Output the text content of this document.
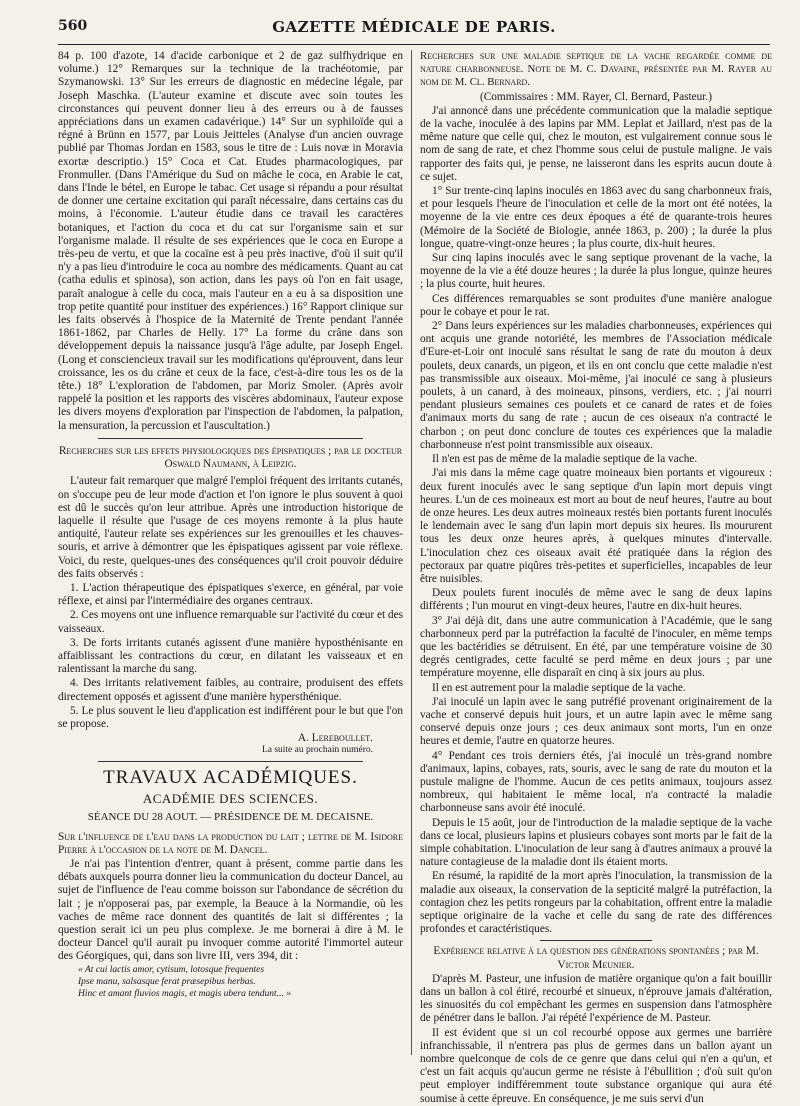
560	GAZETTE MÉDICALE DE PARIS.

84 p. 100 d'azote, 14 d'acide carbonique et 2 de gaz sulfhydrique en volume.) 12° Remarques sur la technique de la trachéotomie, par Szymanowski. 13° Sur les erreurs de diagnostic en médecine légale, par Joseph Maschka. (L'auteur examine et discute avec soin toutes les circonstances qui peuvent donner lieu à des erreurs ou à de fausses appréciations dans un examen cadavérique.) 14° Sur un syphiloïde qui a régné à Brünn en 1577, par Louis Jeitteles (Analyse d'un ancien ouvrage publié par Thomas Jordan en 1583, sous le titre de : Luis novæ in Moravia exortæ descriptio.) 15° Coca et Cat. Etudes pharmacologiques, par Fronmuller. (Dans l'Amérique du Sud on mâche le coca, en Arabie le cat, dans l'Inde le bétel, en Europe le tabac. Cet usage si répandu a pour résultat de donner une certaine excitation qui paraît nécessaire, dans certains cas du moins, à l'économie. L'auteur étudie dans ce travail les caractères botaniques, et l'action du coca et du cat sur l'organisme sain et sur l'organisme malade. Il résulte de ses expériences que le coca en Europe a très-peu de vertu, et que la cocaïne est à peu près inactive, d'où il suit qu'il n'y a pas lieu d'introduire le coca au nombre des médicaments. Quant au cat (catha edulis et spinosa), son action, dans les pays où l'on en fait usage, paraît analogue à celle du coca, mais l'auteur en a eu à sa disposition une trop petite quantité pour instituer des expériences.) 16° Rapport clinique sur les faits observés à l'hospice de la Maternité de Trente pendant l'année 1861-1862, par Charles de Helly. 17° La forme du crâne dans son développement depuis la naissance jusqu'à l'âge adulte, par Joseph Engel. (Long et consciencieux travail sur les modifications qu'éprouvent, dans leur croissance, les os du crâne et ceux de la face, c'est-à-dire tous les os de la tête.) 18° L'exploration de l'abdomen, par Moriz Smoler. (Après avoir rappelé la position et les rapports des viscères abdominaux, l'auteur expose les divers moyens d'exploration par l'inspection de l'abdomen, la palpation, la mensuration, la percussion et l'auscultation.)

Recherches sur les effets physiologiques des épispatiques ; par le docteur Oswald Naumann, à Leipzig.

L'auteur fait remarquer que malgré l'emploi fréquent des irritants cutanés, on s'occupe peu de leur mode d'action et l'on ignore le plus souvent à quoi est dû le succès qu'on leur attribue. Après une introduction historique de laquelle il résulte que l'usage de ces moyens remonte à la plus haute antiquité, l'auteur relate ses expériences sur les grenouilles et les chauves-souris, et arrive à démontrer que les épispatiques agissent par voie réflexe. Voici, du reste, quelques-unes des conséquences qu'il croit pouvoir déduire des faits observés :

1. L'action thérapeutique des épispatiques s'exerce, en général, par voie réflexe, et ainsi par l'intermédiaire des organes centraux.

2. Ces moyens ont une influence remarquable sur l'activité du cœur et des vaisseaux.

3. De forts irritants cutanés agissent d'une manière hyposthénisante en affaiblissant les contractions du cœur, en dilatant les vaisseaux et en ralentissant la marche du sang.

4. Des irritants relativement faibles, au contraire, produisent des effets directement opposés et agissent d'une manière hypersthénique.

5. Le plus souvent le lieu d'application est indifférent pour le but que l'on se propose.

A. Lereboullet.
La suite au prochain numéro.
TRAVAUX ACADÉMIQUES.
ACADÉMIE DES SCIENCES.
SÉANCE DU 28 AOUT. — PRÉSIDENCE DE M. DECAISNE.

Sur l'influence de l'eau dans la production du lait ; lettre de M. Isidore Pierre à l'occasion de la note de M. Dancel.

Je n'ai pas l'intention d'entrer, quant à présent, comme partie dans les débats auxquels pourra donner lieu la communication du docteur Dancel, au sujet de l'influence de l'eau comme boisson sur l'abondance de sécrétion du lait ; je n'opposerai pas, par exemple, la Beauce à la Normandie, où les vaches de même race donnent des quantités de lait si différentes ; la question serait ici un peu plus complexe. Je me bornerai à dire à M. le docteur Dancel qu'il aurait pu invoquer comme autorité l'immortel auteur des Géorgiques, qui, dans son livre III, vers 394, dit :

« At cui lactis amor, cytisum, lotosque frequentes

Ipse manu, salsasque ferat præsepibus herbas.

Hinc et amant fluvios magis, et magis ubera tendunt... »

Recherches sur une maladie septique de la vache regardée comme de nature charbonneuse. Note de M. C. Davaine, présentée par M. Rayer au nom de M. Cl. Bernard.

(Commissaires : MM. Rayer, Cl. Bernard, Pasteur.)

J'ai annoncé dans une précédente communication que la maladie septique de la vache, inoculée à des lapins par MM. Leplat et Jaillard, n'est pas de la même nature que celle qui, chez le mouton, est vulgairement connue sous le nom de sang de rate, et chez l'homme sous celui de pustule maligne. Je vais rapporter des faits qui, je pense, ne laisseront dans les esprits aucun doute à ce sujet.

1° Sur trente-cinq lapins inoculés en 1863 avec du sang charbonneux frais, et pour lesquels l'heure de l'inoculation et celle de la mort ont été notées, la moyenne de la vie entre ces deux époques a été de quarante-trois heures (Mémoire de la Société de Biologie, année 1863, p. 200) ; la durée la plus longue, quatre-vingt-onze heures ; la plus courte, dix-huit heures.

Sur cinq lapins inoculés avec le sang septique provenant de la vache, la moyenne de la vie a été douze heures ; la durée la plus longue, quinze heures ; la plus courte, huit heures.

Ces différences remarquables se sont produites d'une manière analogue pour le cobaye et pour le rat.

2° Dans leurs expériences sur les maladies charbonneuses, expériences qui ont acquis une grande notoriété, les membres de l'Association médicale d'Eure-et-Loir ont inoculé sans résultat le sang de rate du mouton à deux poulets, deux canards, un pigeon, et ils en ont conclu que cette maladie n'est pas transmissible aux oiseaux. Moi-même, j'ai inoculé ce sang à plusieurs poulets, à un canard, à des moineaux, pinsons, verdiers, etc. ; j'ai nourri pendant plusieurs semaines ces poulets et ce canard de rates et de foies d'animaux morts du sang de rate ; aucun de ces oiseaux n'a contracté le charbon ; on peut donc conclure de toutes ces expériences que la maladie charbonneuse n'est point transmissible aux oiseaux.

Il n'en est pas de même de la maladie septique de la vache.

J'ai mis dans la même cage quatre moineaux bien portants et vigoureux : deux furent inoculés avec le sang septique d'un lapin mort depuis vingt heures. L'un de ces moineaux est mort au bout de neuf heures, l'autre au bout de onze heures. Les deux autres moineaux restés bien portants furent inoculés le lendemain avec le sang d'un lapin mort depuis six heures. Ils moururent tous les deux onze heures après, à quelques minutes d'intervalle. L'inoculation chez ces oiseaux avait été pratiquée dans la région des pectoraux par quatre piqûres très-petites et superficielles, incapables de leur être nuisibles.

Deux poulets furent inoculés de même avec le sang de deux lapins différents ; l'un mourut en vingt-deux heures, l'autre en dix-huit heures.

3° J'ai déjà dit, dans une autre communication à l'Académie, que le sang charbonneux perd par la putréfaction la faculté de l'inoculer, en même temps que les bactéridies se détruisent. En été, par une température voisine de 30 degrés centigrades, cette faculté se perd même en deux jours ; par une température moyenne, elle disparaît en cinq à six jours au plus.

Il en est autrement pour la maladie septique de la vache.

J'ai inoculé un lapin avec le sang putréfié provenant originairement de la vache et conservé depuis huit jours, et un autre lapin avec le même sang conservé depuis onze jours ; ces deux animaux sont morts, l'un en onze heures et demie, l'autre en quatorze heures.

4° Pendant ces trois derniers étés, j'ai inoculé un très-grand nombre d'animaux, lapins, cobayes, rats, souris, avec le sang de rate du mouton et la pustule maligne de l'homme. Aucun de ces petits animaux, toujours assez nombreux, qui habitaient le même local, n'a contracté la maladie charbonneuse sans avoir été inoculé.

Depuis le 15 août, jour de l'introduction de la maladie septique de la vache dans ce local, plusieurs lapins et plusieurs cobayes sont morts par le fait de la simple cohabitation. L'inoculation de leur sang à d'autres animaux a prouvé la nature contagieuse de la maladie dont ils étaient morts.

En résumé, la rapidité de la mort après l'inoculation, la transmission de la maladie aux oiseaux, la conservation de la septicité malgré la putréfaction, la contagion chez les petits rongeurs par la cohabitation, offrent entre la maladie septique originaire de la vache et celle du sang de rate des différences profondes et caractéristiques.

Expérience relative à la question des générations spontanées ; par M. Victor Meunier.

D'après M. Pasteur, une infusion de matière organique qu'on a fait bouillir dans un ballon à col étiré, recourbé et sinueux, n'éprouve jamais d'altération, les sinuosités du col empêchant les germes en suspension dans l'atmosphère de pénétrer dans le ballon. J'ai répété l'expérience de M. Pasteur.

Il est évident que si un col recourbé oppose aux germes une barrière infranchissable, il n'entrera pas plus de germes dans un ballon ayant un nombre quelconque de cols de ce genre que dans celui qui n'en a qu'un, et c'est un fait acquis qu'aucun germe ne résiste à l'ébullition ; d'où suit qu'on peut employer indifféremment toute substance organique qui aura été soumise à cette épreuve. En conséquence, je me suis servi d'un
